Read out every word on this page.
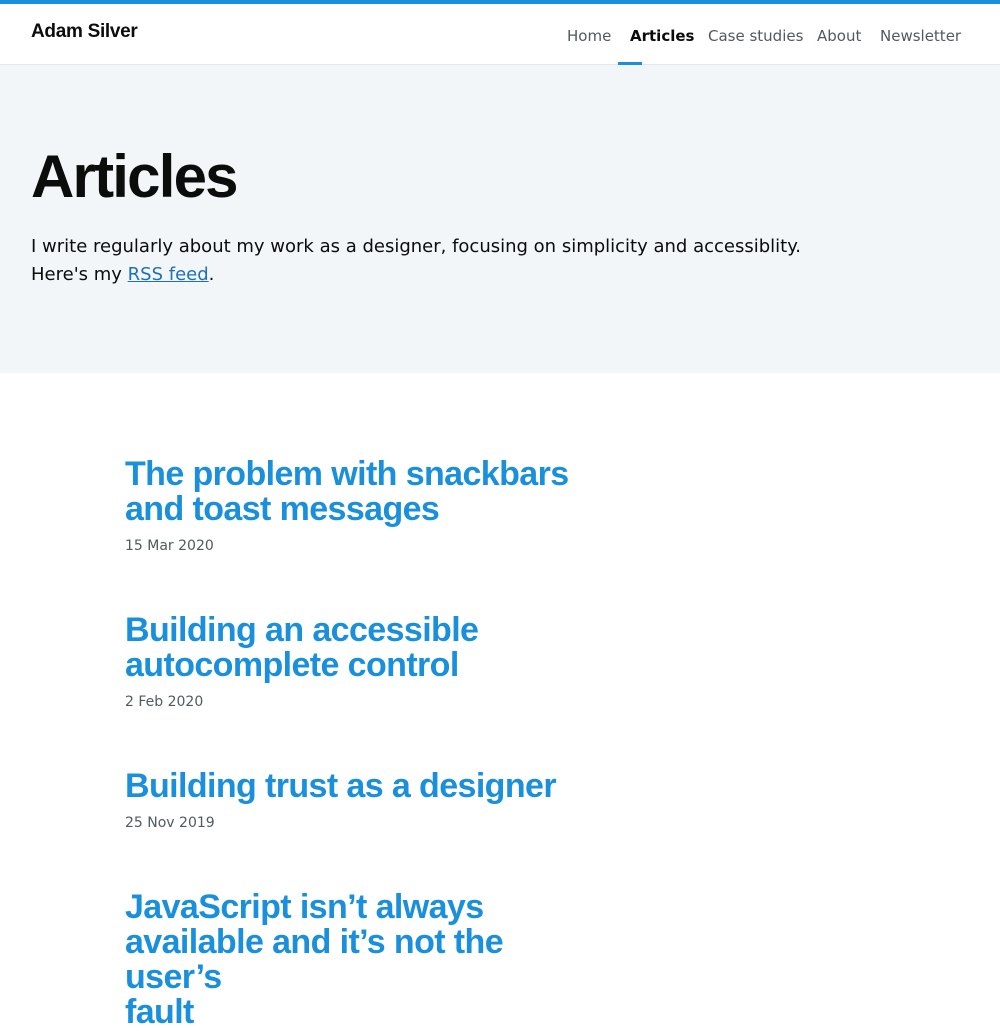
Adam Silver	Home Articles Case studies About Newsletter
Articles

I write regularly about my work as a designer, focusing on simplicity and accessiblity.
Here's my RSS feed.

The problem with snackbars
and toast messages
15 Mar 2020
Building an accessible
autocomplete control
2 Feb 2020
Building trust as a designer
25 Nov 2019
JavaScript isn’t always
available and it’s not the user’s
fault
